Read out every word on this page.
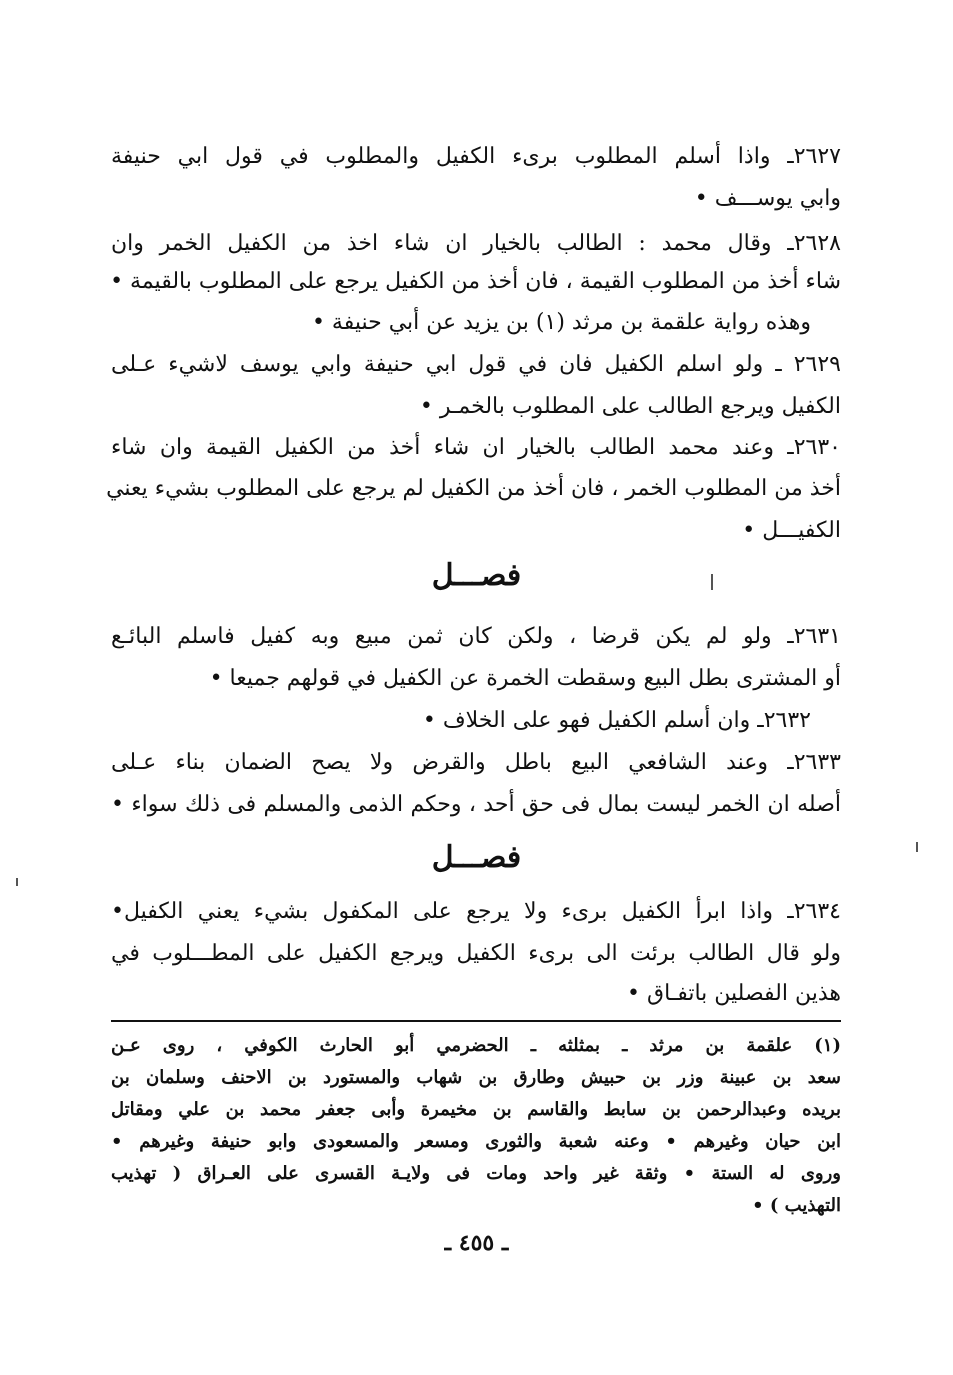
٢٦٢٧ـ واذا أسلم المطلوب برىء الكفيل والمطلوب في قول ابي حنيفة
وابي يوســـف •
٢٦٢٨ـ وقال محمد : الطالب بالخيار ان شاء اخذ من الكفيل الخمر وان
شاء أخذ من المطلوب القيمة ، فان أخذ من الكفيل يرجع على المطلوب بالقيمة •
وهذه رواية علقمة بن مرثد (١) بن يزيد عن أبي حنيفة •
٢٦٢٩ ـ ولو اسلم الكفيل فان في قول ابي حنيفة وابي يوسف لاشيء عـلى
الكفيل ويرجع الطالب على المطلوب بالخمـر •
٢٦٣٠ـ وعند محمد الطالب بالخيار ان شاء أخذ من الكفيل القيمة وان شاء
أخذ من المطلوب الخمر ، فان أخذ من الكفيل لم يرجع على المطلوب بشيء يعني
الكفيـــل •
فصـــل
٢٦٣١ـ ولو لم يكن قرضا ، ولكن كان ثمن مبيع وبه كفيل فاسلم البائـع
أو المشترى بطل البيع وسقطت الخمرة عن الكفيل في قولهم جميعا •
٢٦٣٢ـ وان أسلم الكفيل فهو على الخلاف •
٢٦٣٣ـ وعند الشافعي البيع باطل والقرض ولا يصح الضمان بناء عـلى
أصله ان الخمر ليست بمال فى حق أحد ، وحكم الذمى والمسلم فى ذلك سواء •
فصـــل
٢٦٣٤ـ واذا ابرأ الكفيل برىء ولا يرجع على المكفول بشيء يعني الكفيل•
ولو قال الطالب برئت الى برىء الكفيل ويرجع الكفيل على المطـــلوب في
هذين الفصلين باتفـاق •
(١) علقمة بن مرثد ـ بمثلثه ـ الحضرمي أبو الحارث الكوفي ، روى عـن
سعد بن عبينة وزر بن حبيش وطارق بن شهاب والمستورد بن الاحنف وسلمان بن
بريده وعبدالرحمن بن سابط والقاسم بن مخيمرة وأبى جعفر محمد بن علي ومقاتل
ابن حيان وغيرهم • وعنه شعبة والثورى ومسعر والمسعودى وابو حنيفة وغيرهم •
وروى له الستة • وثقة غير واحد ومات فى ولايـة القسرى على العـراق ( تهذيب
التهذيب ) •
ـ ٤٥٥ ـ
